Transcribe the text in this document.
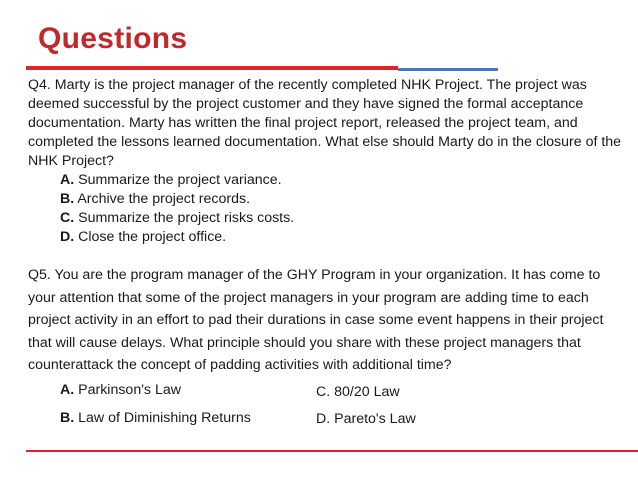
Questions

Q4. Marty is the project manager of the recently completed NHK Project. The project was deemed successful by the project customer and they have signed the formal acceptance documentation. Marty has written the final project report, released the project team, and completed the lessons learned documentation. What else should Marty do in the closure of the NHK Project?

A. Summarize the project variance.

B. Archive the project records.

C. Summarize the project risks costs.

D. Close the project office.

Q5. You are the program manager of the GHY Program in your organization. It has come to your attention that some of the project managers in your program are adding time to each project activity in an effort to pad their durations in case some event happens in their project that will cause delays. What principle should you share with these project managers that counterattack the concept of padding activities with additional time?

A. Parkinson's Law
B. Law of Diminishing Returns
C. 80/20 Law
D. Pareto's Law
